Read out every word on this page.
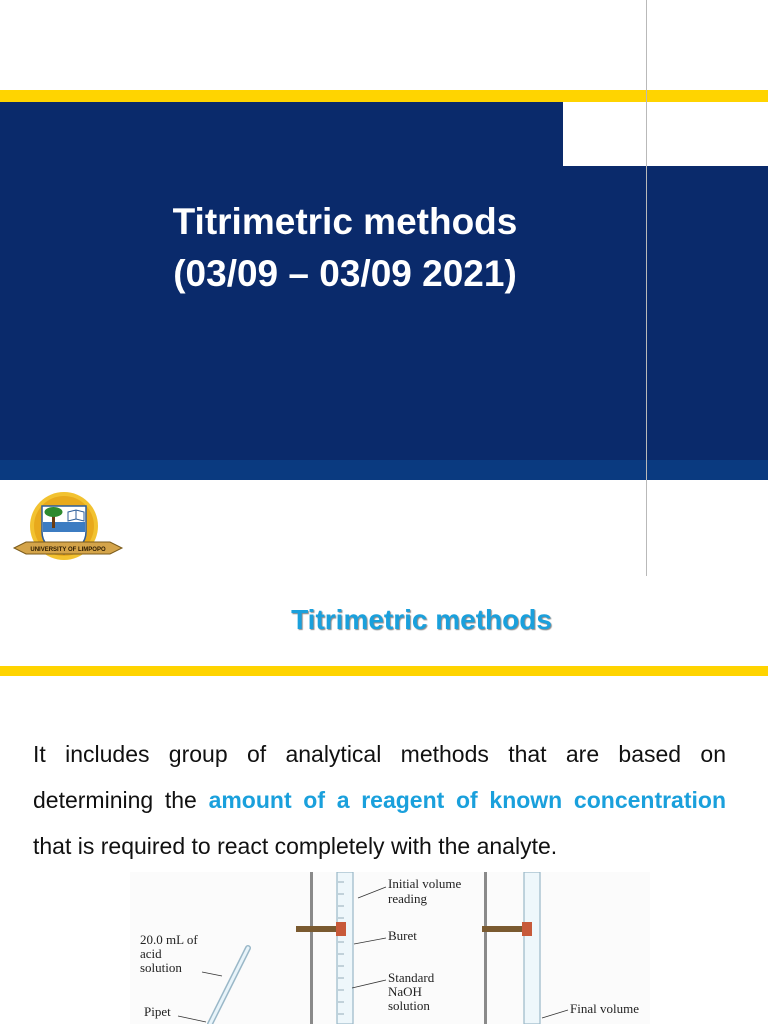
Titrimetric methods
(03/09 – 03/09 2021)
UNIVERSITY OF LIMPOPO
Titrimetric methods
It includes group of analytical methods that are based on determining the amount of a reagent of known concentration that is required to react completely with the analyte.
Initial volume reading
Buret
Standard NaOH solution
20.0 mL of acid solution
Pipet	Final volume
